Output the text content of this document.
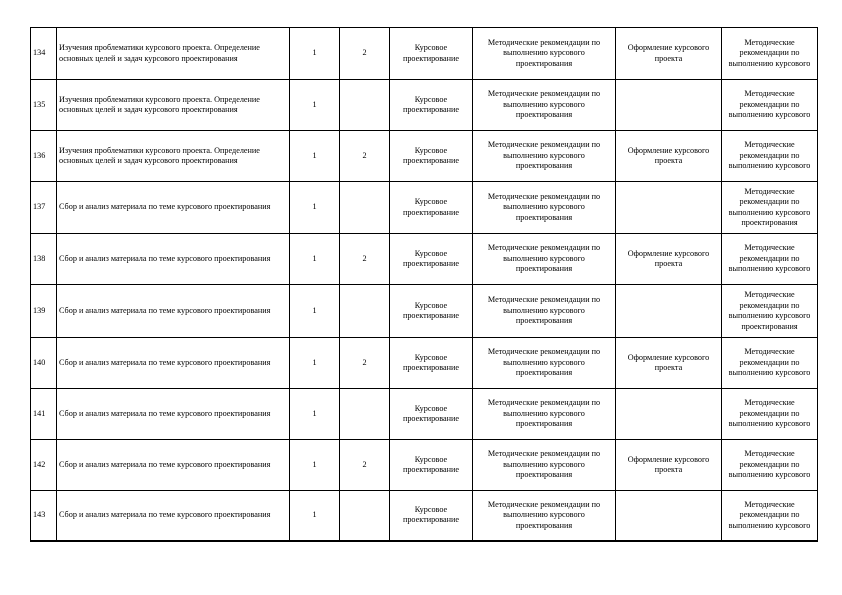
134	Изучения проблематики курсового проекта. Определение основных целей и задач курсового проектирования	1	2	Курсовое проектирование	Методические рекомендации по выполнению курсового проектирования	Оформление курсового проекта	Методические рекомендации по выполнению курсового

135	Изучения проблематики курсового проекта. Определение основных целей и задач курсового проектирования	1		Курсовое проектирование	Методические рекомендации по выполнению курсового проектирования		Методические рекомендации по выполнению курсового

136	Изучения проблематики курсового проекта. Определение основных целей и задач курсового проектирования	1	2	Курсовое проектирование	Методические рекомендации по выполнению курсового проектирования	Оформление курсового проекта	Методические рекомендации по выполнению курсового

137	Сбор и анализ материала по теме курсового проектирования	1		Курсовое проектирование	Методические рекомендации по выполнению курсового проектирования		Методические рекомендации по выполнению курсового проектирования

138	Сбор и анализ материала по теме курсового проектирования	1	2	Курсовое проектирование	Методические рекомендации по выполнению курсового проектирования	Оформление курсового проекта	Методические рекомендации по выполнению курсового

139	Сбор и анализ материала по теме курсового проектирования	1		Курсовое проектирование	Методические рекомендации по выполнению курсового проектирования		Методические рекомендации по выполнению курсового проектирования

140	Сбор и анализ материала по теме курсового проектирования	1	2	Курсовое проектирование	Методические рекомендации по выполнению курсового проектирования	Оформление курсового проекта	Методические рекомендации по выполнению курсового

141	Сбор и анализ материала по теме курсового проектирования	1		Курсовое проектирование	Методические рекомендации по выполнению курсового проектирования		Методические рекомендации по выполнению курсового

142	Сбор и анализ материала по теме курсового проектирования	1	2	Курсовое проектирование	Методические рекомендации по выполнению курсового проектирования	Оформление курсового проекта	Методические рекомендации по выполнению курсового

143	Сбор и анализ материала по теме курсового проектирования	1		Курсовое проектирование	Методические рекомендации по выполнению курсового проектирования		Методические рекомендации по выполнению курсового
